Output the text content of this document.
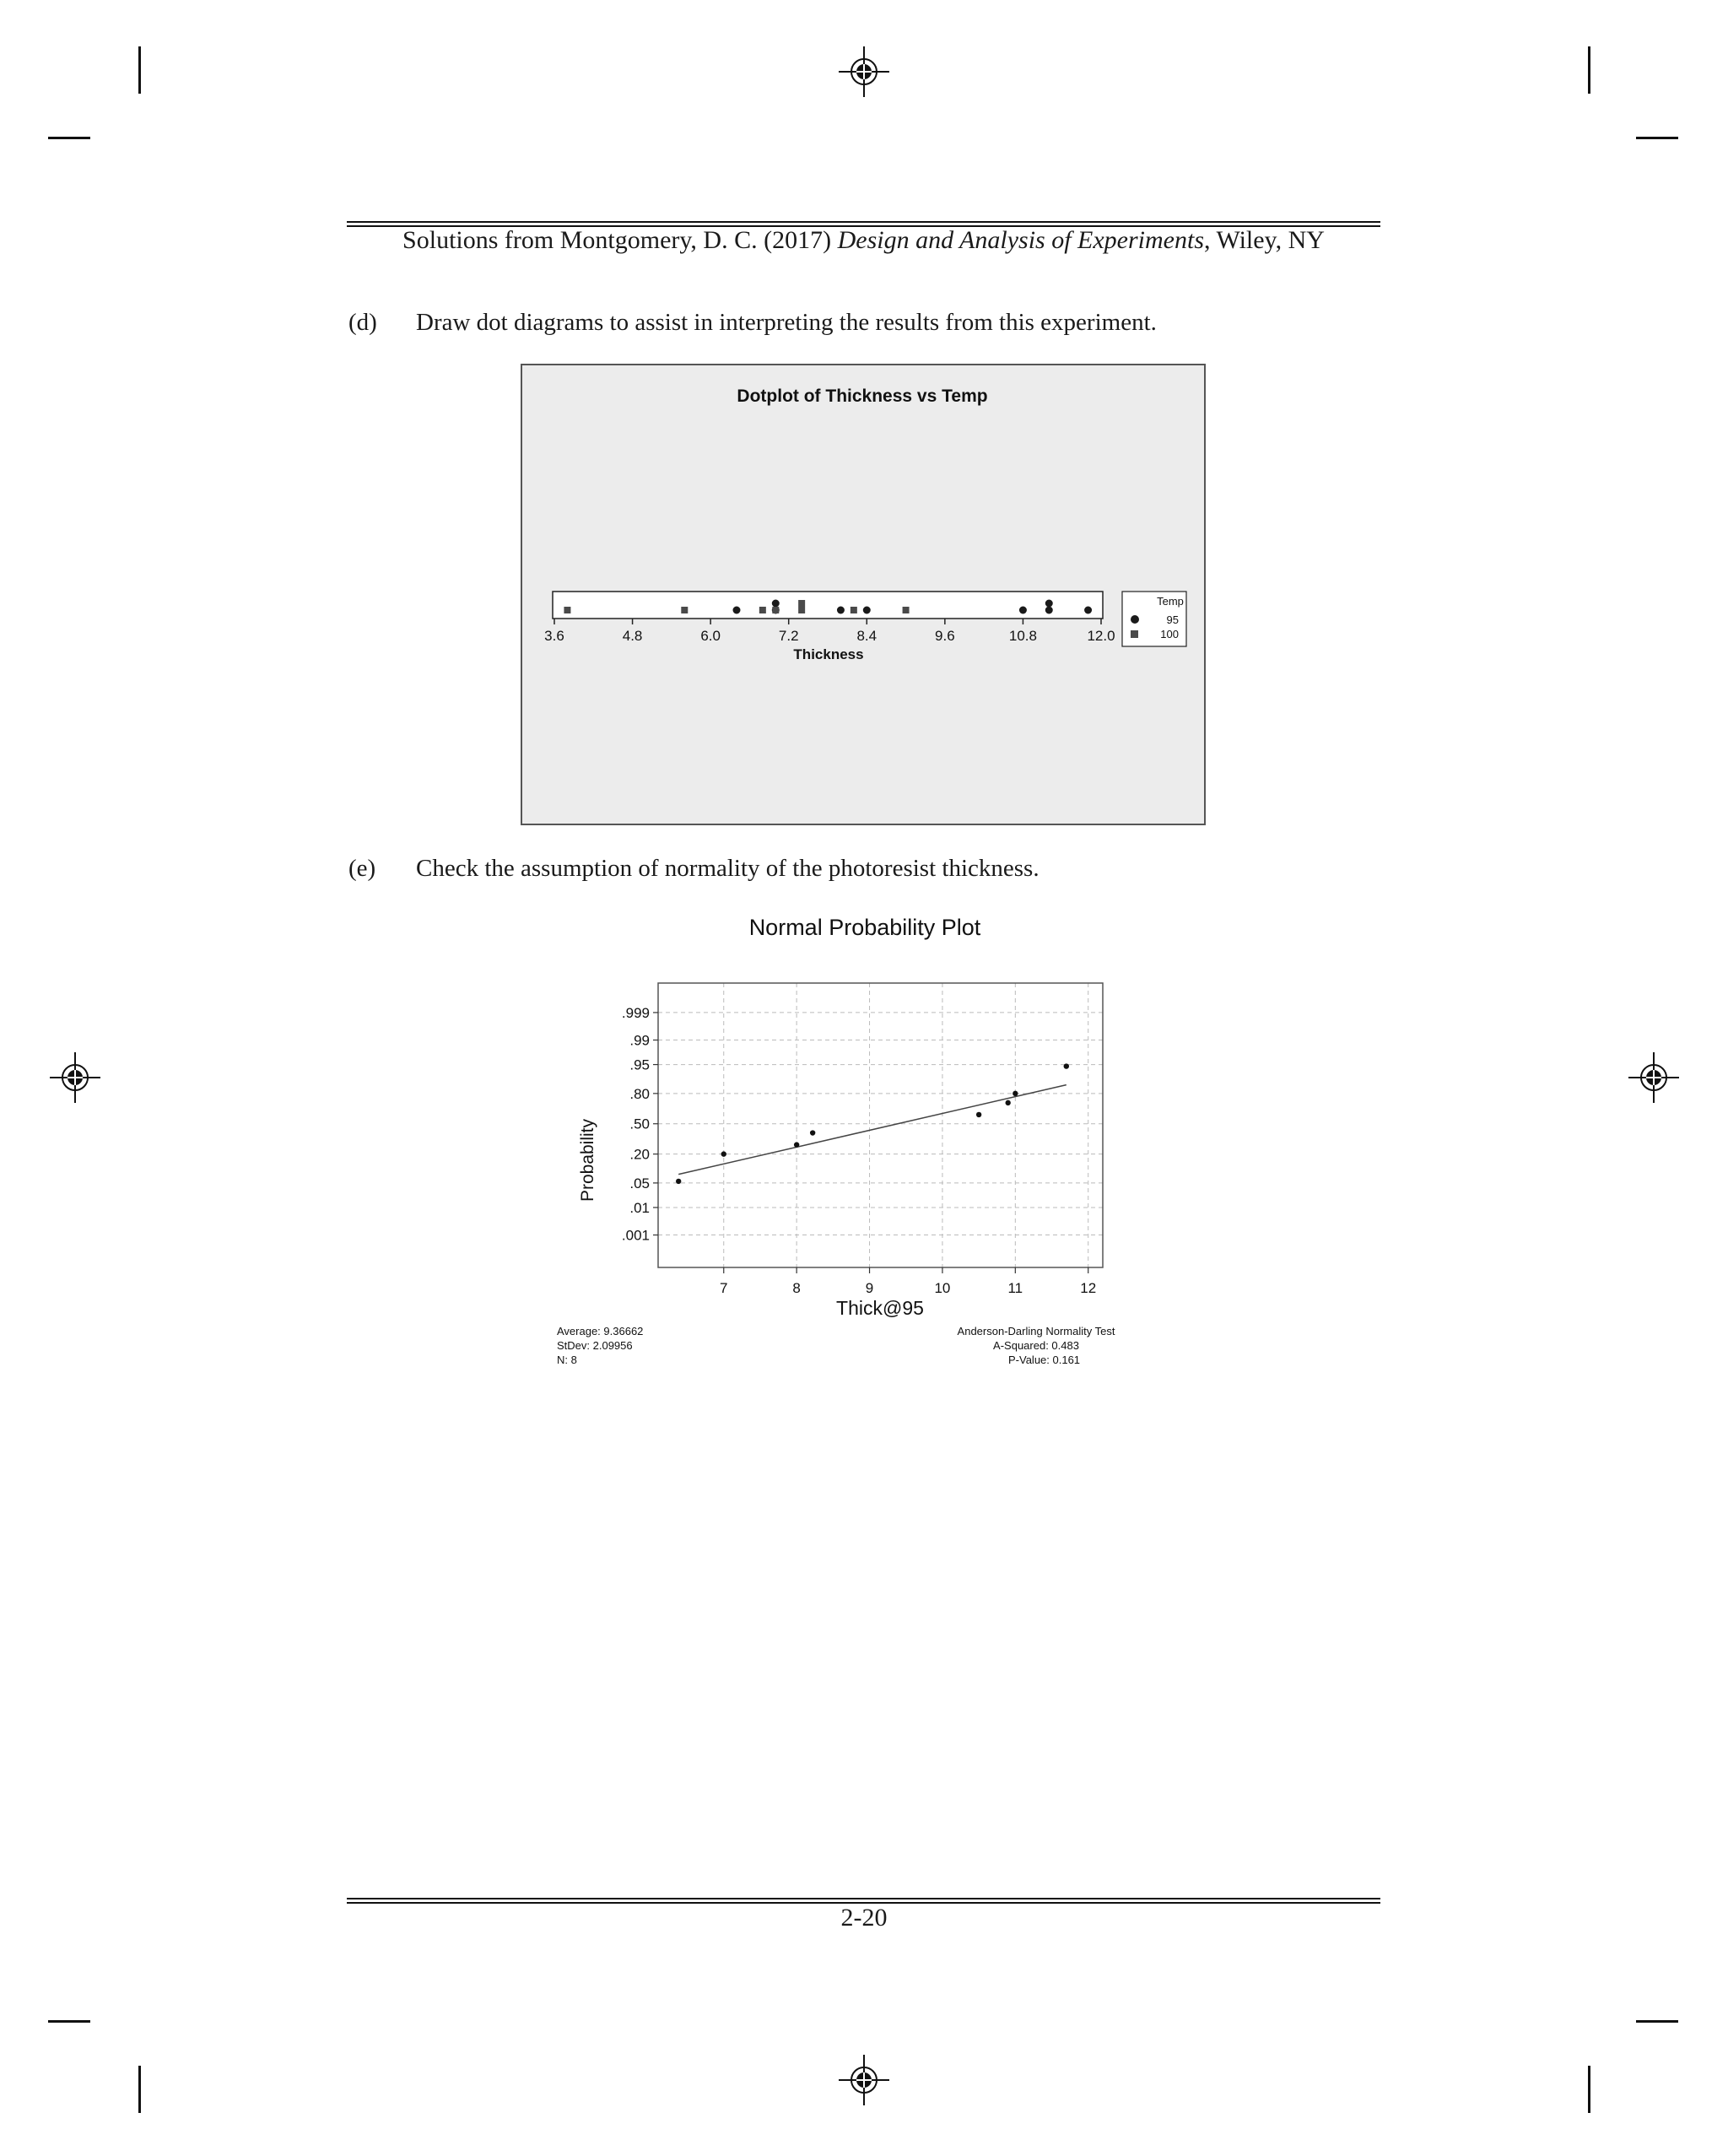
Solutions from Montgomery, D. C. (2017) Design and Analysis of Experiments, Wiley, NY
(d) Draw dot diagrams to assist in interpreting the results from this experiment.
Dotplot of Thickness vs Temp
3.6	4.8	6.0	7.2	8.4	9.6	10.8	12.0
Thickness
Temp
95
100
(e) Check the assumption of normality of the photoresist thickness.
Normal Probability Plot
.999
.99
.95
.80
.50
.20
.05
.01
.001
7	8	9	10	11	12
Thick@95
Probability
Average: 9.36662
StDev: 2.09956
N: 8
Anderson-Darling Normality Test
A-Squared: 0.483
P-Value: 0.161
2-20
